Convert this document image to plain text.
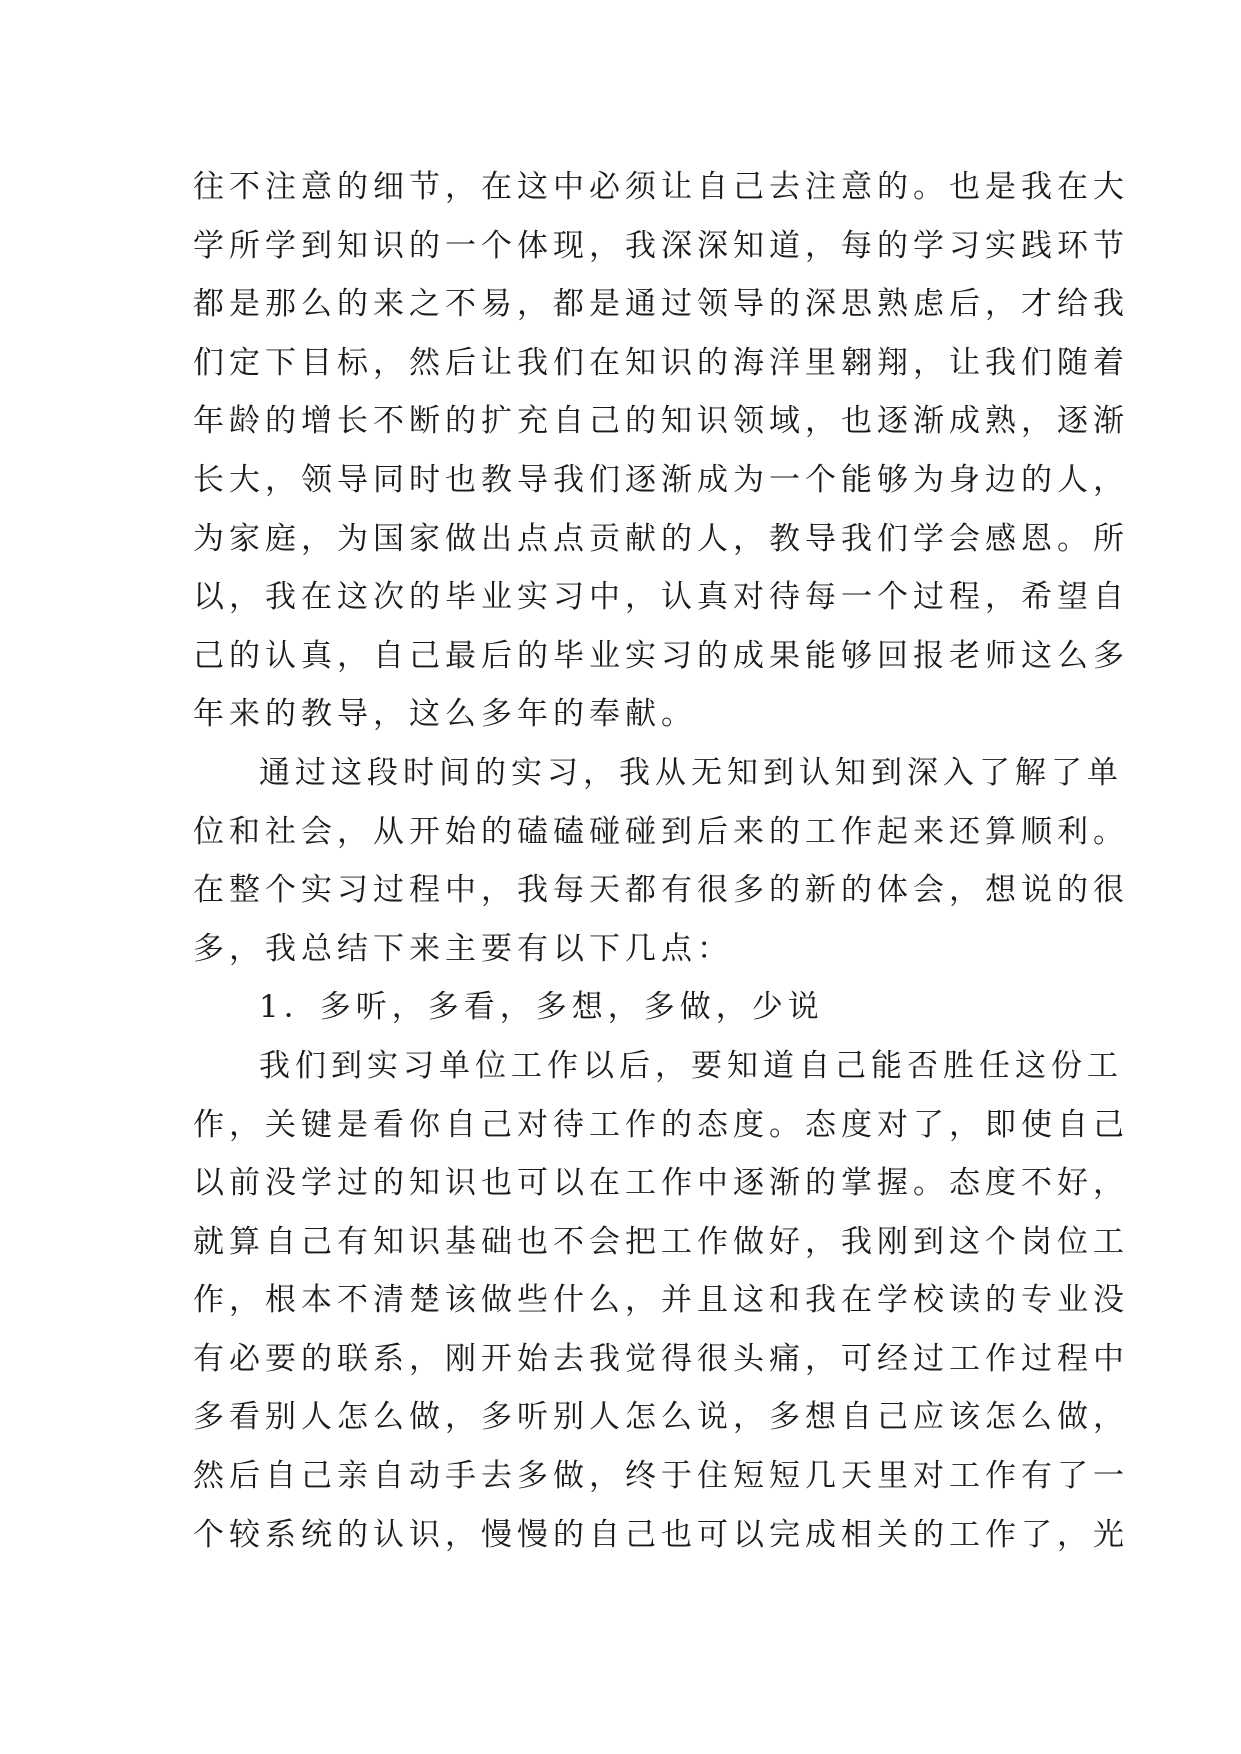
往不注意的细节，在这中必须让自己去注意的。也是我在大
学所学到知识的一个体现，我深深知道，每的学习实践环节
都是那么的来之不易，都是通过领导的深思熟虑后，才给我
们定下目标，然后让我们在知识的海洋里翱翔，让我们随着
年龄的增长不断的扩充自己的知识领域，也逐渐成熟，逐渐
长大，领导同时也教导我们逐渐成为一个能够为身边的人，
为家庭，为国家做出点点贡献的人，教导我们学会感恩。所
以，我在这次的毕业实习中，认真对待每一个过程，希望自
己的认真，自己最后的毕业实习的成果能够回报老师这么多
年来的教导，这么多年的奉献。
通过这段时间的实习，我从无知到认知到深入了解了单
位和社会，从开始的磕磕碰碰到后来的工作起来还算顺利。
在整个实习过程中，我每天都有很多的新的体会，想说的很
多，我总结下来主要有以下几点：
1．多听，多看，多想，多做，少说
我们到实习单位工作以后，要知道自己能否胜任这份工
作，关键是看你自己对待工作的态度。态度对了，即使自己
以前没学过的知识也可以在工作中逐渐的掌握。态度不好，
就算自己有知识基础也不会把工作做好，我刚到这个岗位工
作，根本不清楚该做些什么，并且这和我在学校读的专业没
有必要的联系，刚开始去我觉得很头痛，可经过工作过程中
多看别人怎么做，多听别人怎么说，多想自己应该怎么做，
然后自己亲自动手去多做，终于住短短几天里对工作有了一
个较系统的认识，慢慢的自己也可以完成相关的工作了，光
